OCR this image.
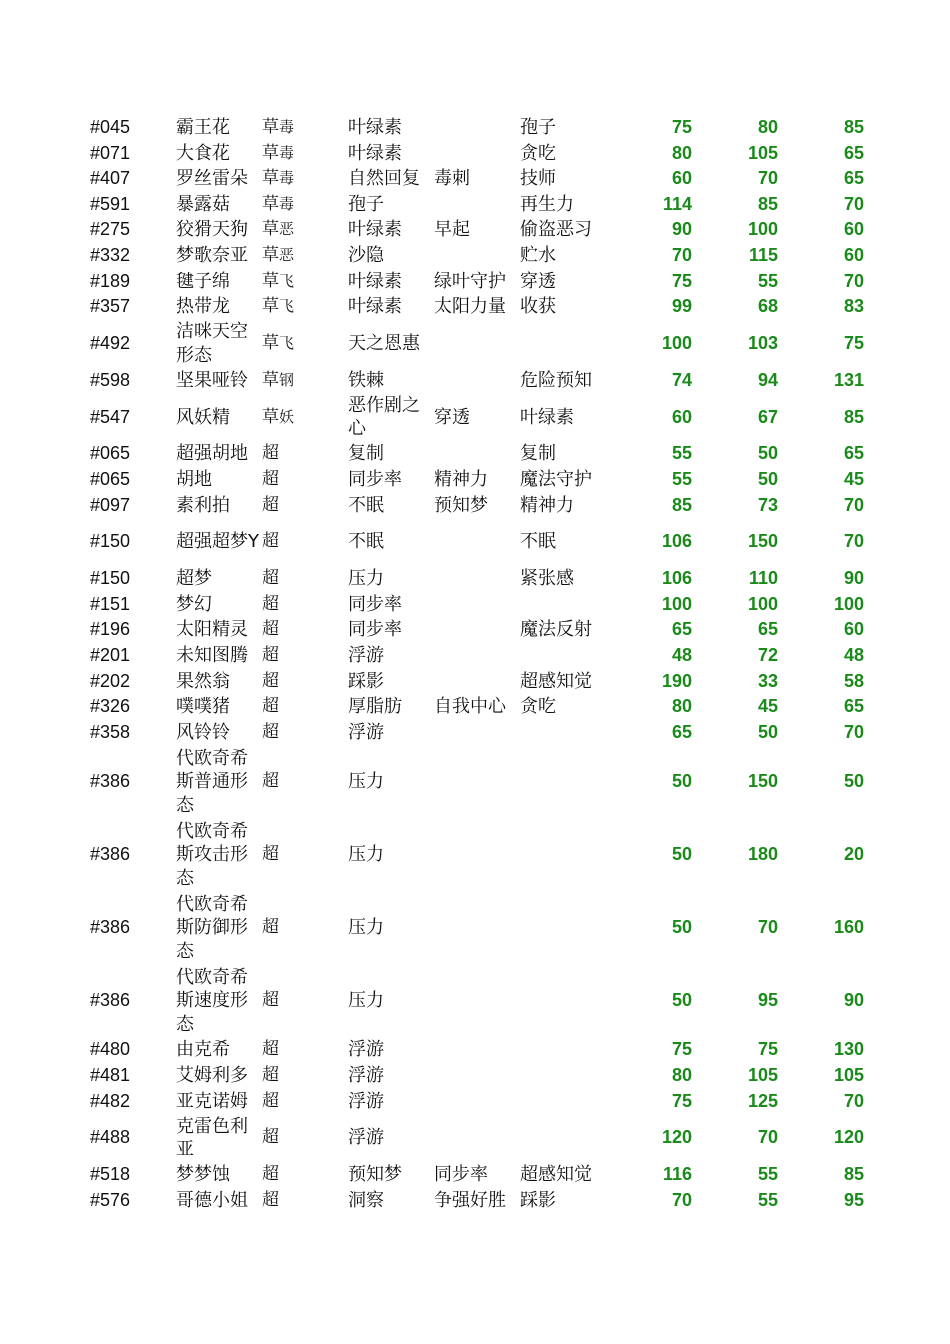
#045	霸王花	草毒	叶绿素		孢子	75	80	85
#071	大食花	草毒	叶绿素		贪吃	80	105	65
#407	罗丝雷朵	草毒	自然回复	毒刺	技师	60	70	65
#591	暴露菇	草毒	孢子		再生力	114	85	70
#275	狡猾天狗	草恶	叶绿素	早起	偷盗恶习	90	100	60
#332	梦歌奈亚	草恶	沙隐		贮水	70	115	60
#189	毽子绵	草飞	叶绿素	绿叶守护	穿透	75	55	70
#357	热带龙	草飞	叶绿素	太阳力量	收获	99	68	83
#492	洁咪天空形态	草飞	天之恩惠			100	103	75
#598	坚果哑铃	草钢	铁棘		危险预知	74	94	131
#547	风妖精	草妖	恶作剧之心	穿透	叶绿素	60	67	85
#065	超强胡地	超	复制		复制	55	50	65
#065	胡地	超	同步率	精神力	魔法守护	55	50	45
#097	素利拍	超	不眠	预知梦	精神力	85	73	70
#150	超强超梦Y	超	不眠		不眠	106	150	70
#150	超梦	超	压力		紧张感	106	110	90
#151	梦幻	超	同步率			100	100	100
#196	太阳精灵	超	同步率		魔法反射	65	65	60
#201	未知图腾	超	浮游			48	72	48
#202	果然翁	超	踩影		超感知觉	190	33	58
#326	噗噗猪	超	厚脂肪	自我中心	贪吃	80	45	65
#358	风铃铃	超	浮游			65	50	70
#386	代欧奇希斯普通形态	超	压力			50	150	50
#386	代欧奇希斯攻击形态	超	压力			50	180	20
#386	代欧奇希斯防御形态	超	压力			50	70	160
#386	代欧奇希斯速度形态	超	压力			50	95	90
#480	由克希	超	浮游			75	75	130
#481	艾姆利多	超	浮游			80	105	105
#482	亚克诺姆	超	浮游			75	125	70
#488	克雷色利亚	超	浮游			120	70	120
#518	梦梦蚀	超	预知梦	同步率	超感知觉	116	55	85
#576	哥德小姐	超	洞察	争强好胜	踩影	70	55	95
